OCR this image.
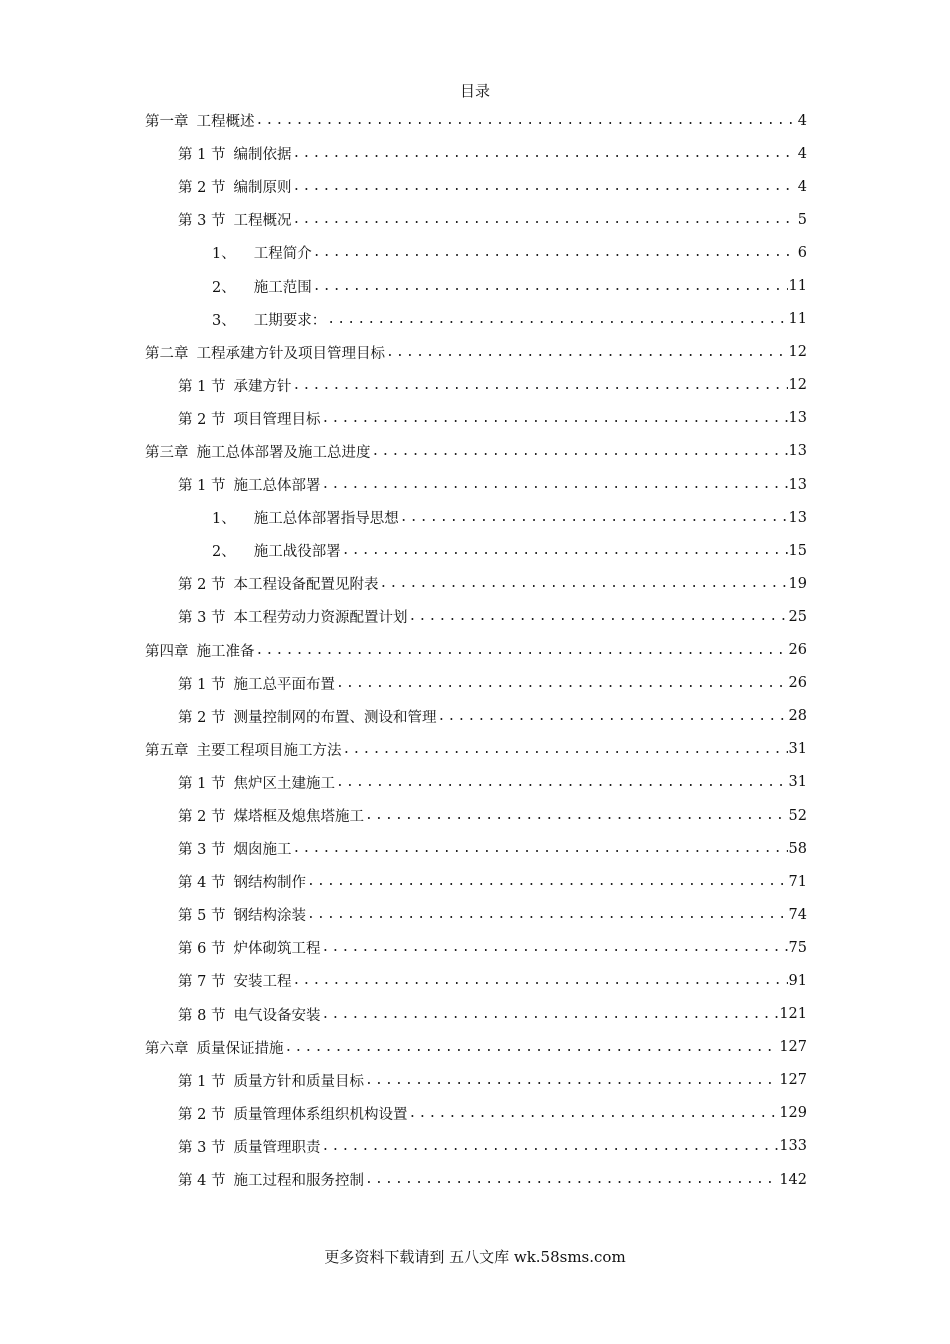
目录
第一章 工程概述 .....	4
第 1 节 编制依据 .....	4
第 2 节 编制原则 .....	4
第 3 节 工程概况 .....	5
1、 工程简介 .....	6
2、 施工范围 .....	11
3、 工期要求： .....	11
第二章 工程承建方针及项目管理目标 .....	12
第 1 节 承建方针 .....	12
第 2 节 项目管理目标 .....	13
第三章 施工总体部署及施工总进度 .....	13
第 1 节 施工总体部署 .....	13
1、 施工总体部署指导思想 .....	13
2、 施工战役部署 .....	15
第 2 节 本工程设备配置见附表 .....	19
第 3 节 本工程劳动力资源配置计划 .....	25
第四章 施工准备 .....	26
第 1 节 施工总平面布置 .....	26
第 2 节 测量控制网的布置、测设和管理 .....	28
第五章 主要工程项目施工方法 .....	31
第 1 节 焦炉区土建施工 .....	31
第 2 节 煤塔框及熄焦塔施工 .....	52
第 3 节 烟囱施工 .....	58
第 4 节 钢结构制作 .....	71
第 5 节 钢结构涂装 .....	74
第 6 节 炉体砌筑工程 .....	75
第 7 节 安装工程 .....	91
第 8 节 电气设备安装 .....	121
第六章 质量保证措施 .....	127
第 1 节 质量方针和质量目标 .....	127
第 2 节 质量管理体系组织机构设置 .....	129
第 3 节 质量管理职责 .....	133
第 4 节 施工过程和服务控制 .....	142
更多资料下载请到 五八文库 wk.58sms.com
